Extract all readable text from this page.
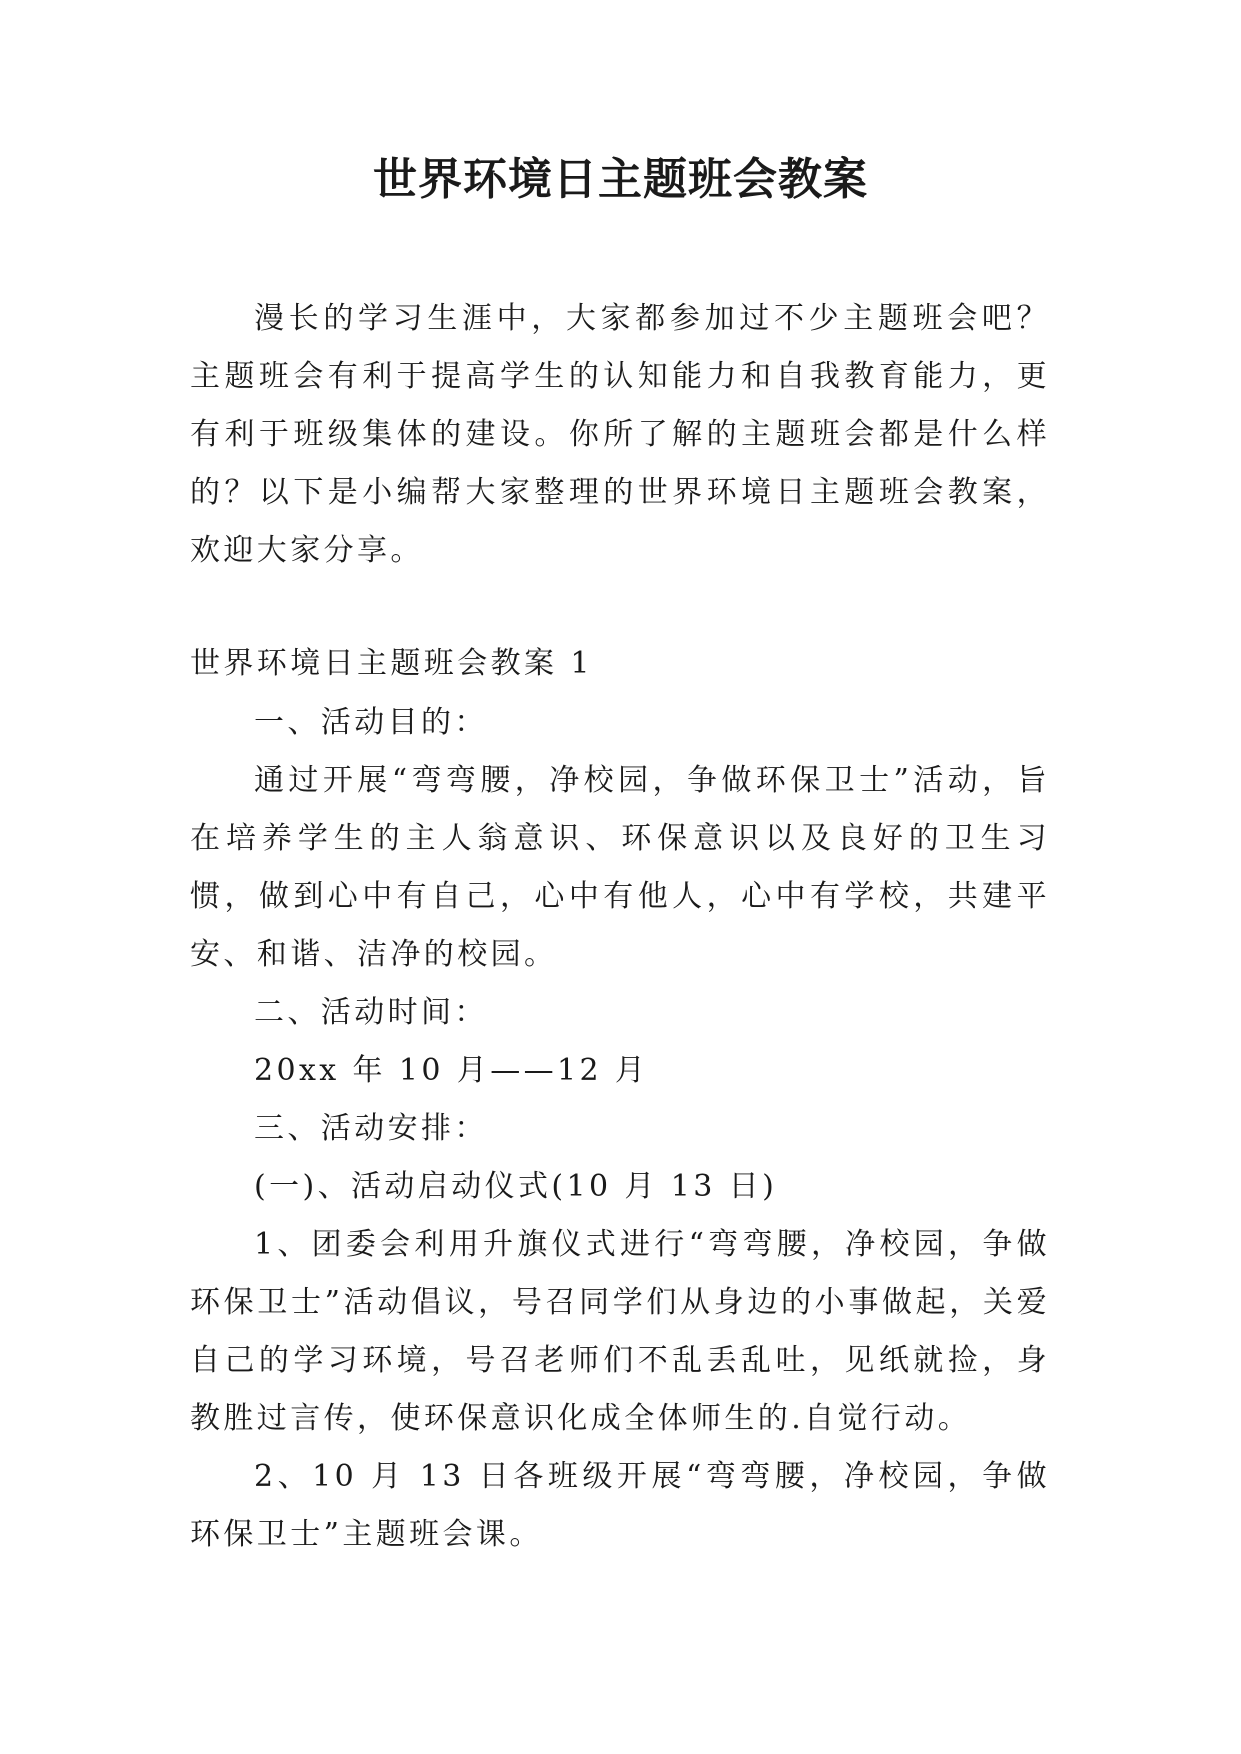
世界环境日主题班会教案

漫长的学习生涯中，大家都参加过不少主题班会吧？主题班会有利于提高学生的认知能力和自我教育能力，更有利于班级集体的建设。你所了解的主题班会都是什么样的？以下是小编帮大家整理的世界环境日主题班会教案，欢迎大家分享。

世界环境日主题班会教案 1

一、活动目的：

通过开展“弯弯腰，净校园，争做环保卫士”活动，旨在培养学生的主人翁意识、环保意识以及良好的卫生习惯，做到心中有自己，心中有他人，心中有学校，共建平安、和谐、洁净的校园。

二、活动时间：

20xx 年 10 月——12 月

三、活动安排：

(一)、活动启动仪式(10 月 13 日)

1、团委会利用升旗仪式进行“弯弯腰，净校园，争做环保卫士”活动倡议，号召同学们从身边的小事做起，关爱自己的学习环境，号召老师们不乱丢乱吐，见纸就捡，身教胜过言传，使环保意识化成全体师生的.自觉行动。

2、10 月 13 日各班级开展“弯弯腰，净校园，争做环保卫士”主题班会课。
